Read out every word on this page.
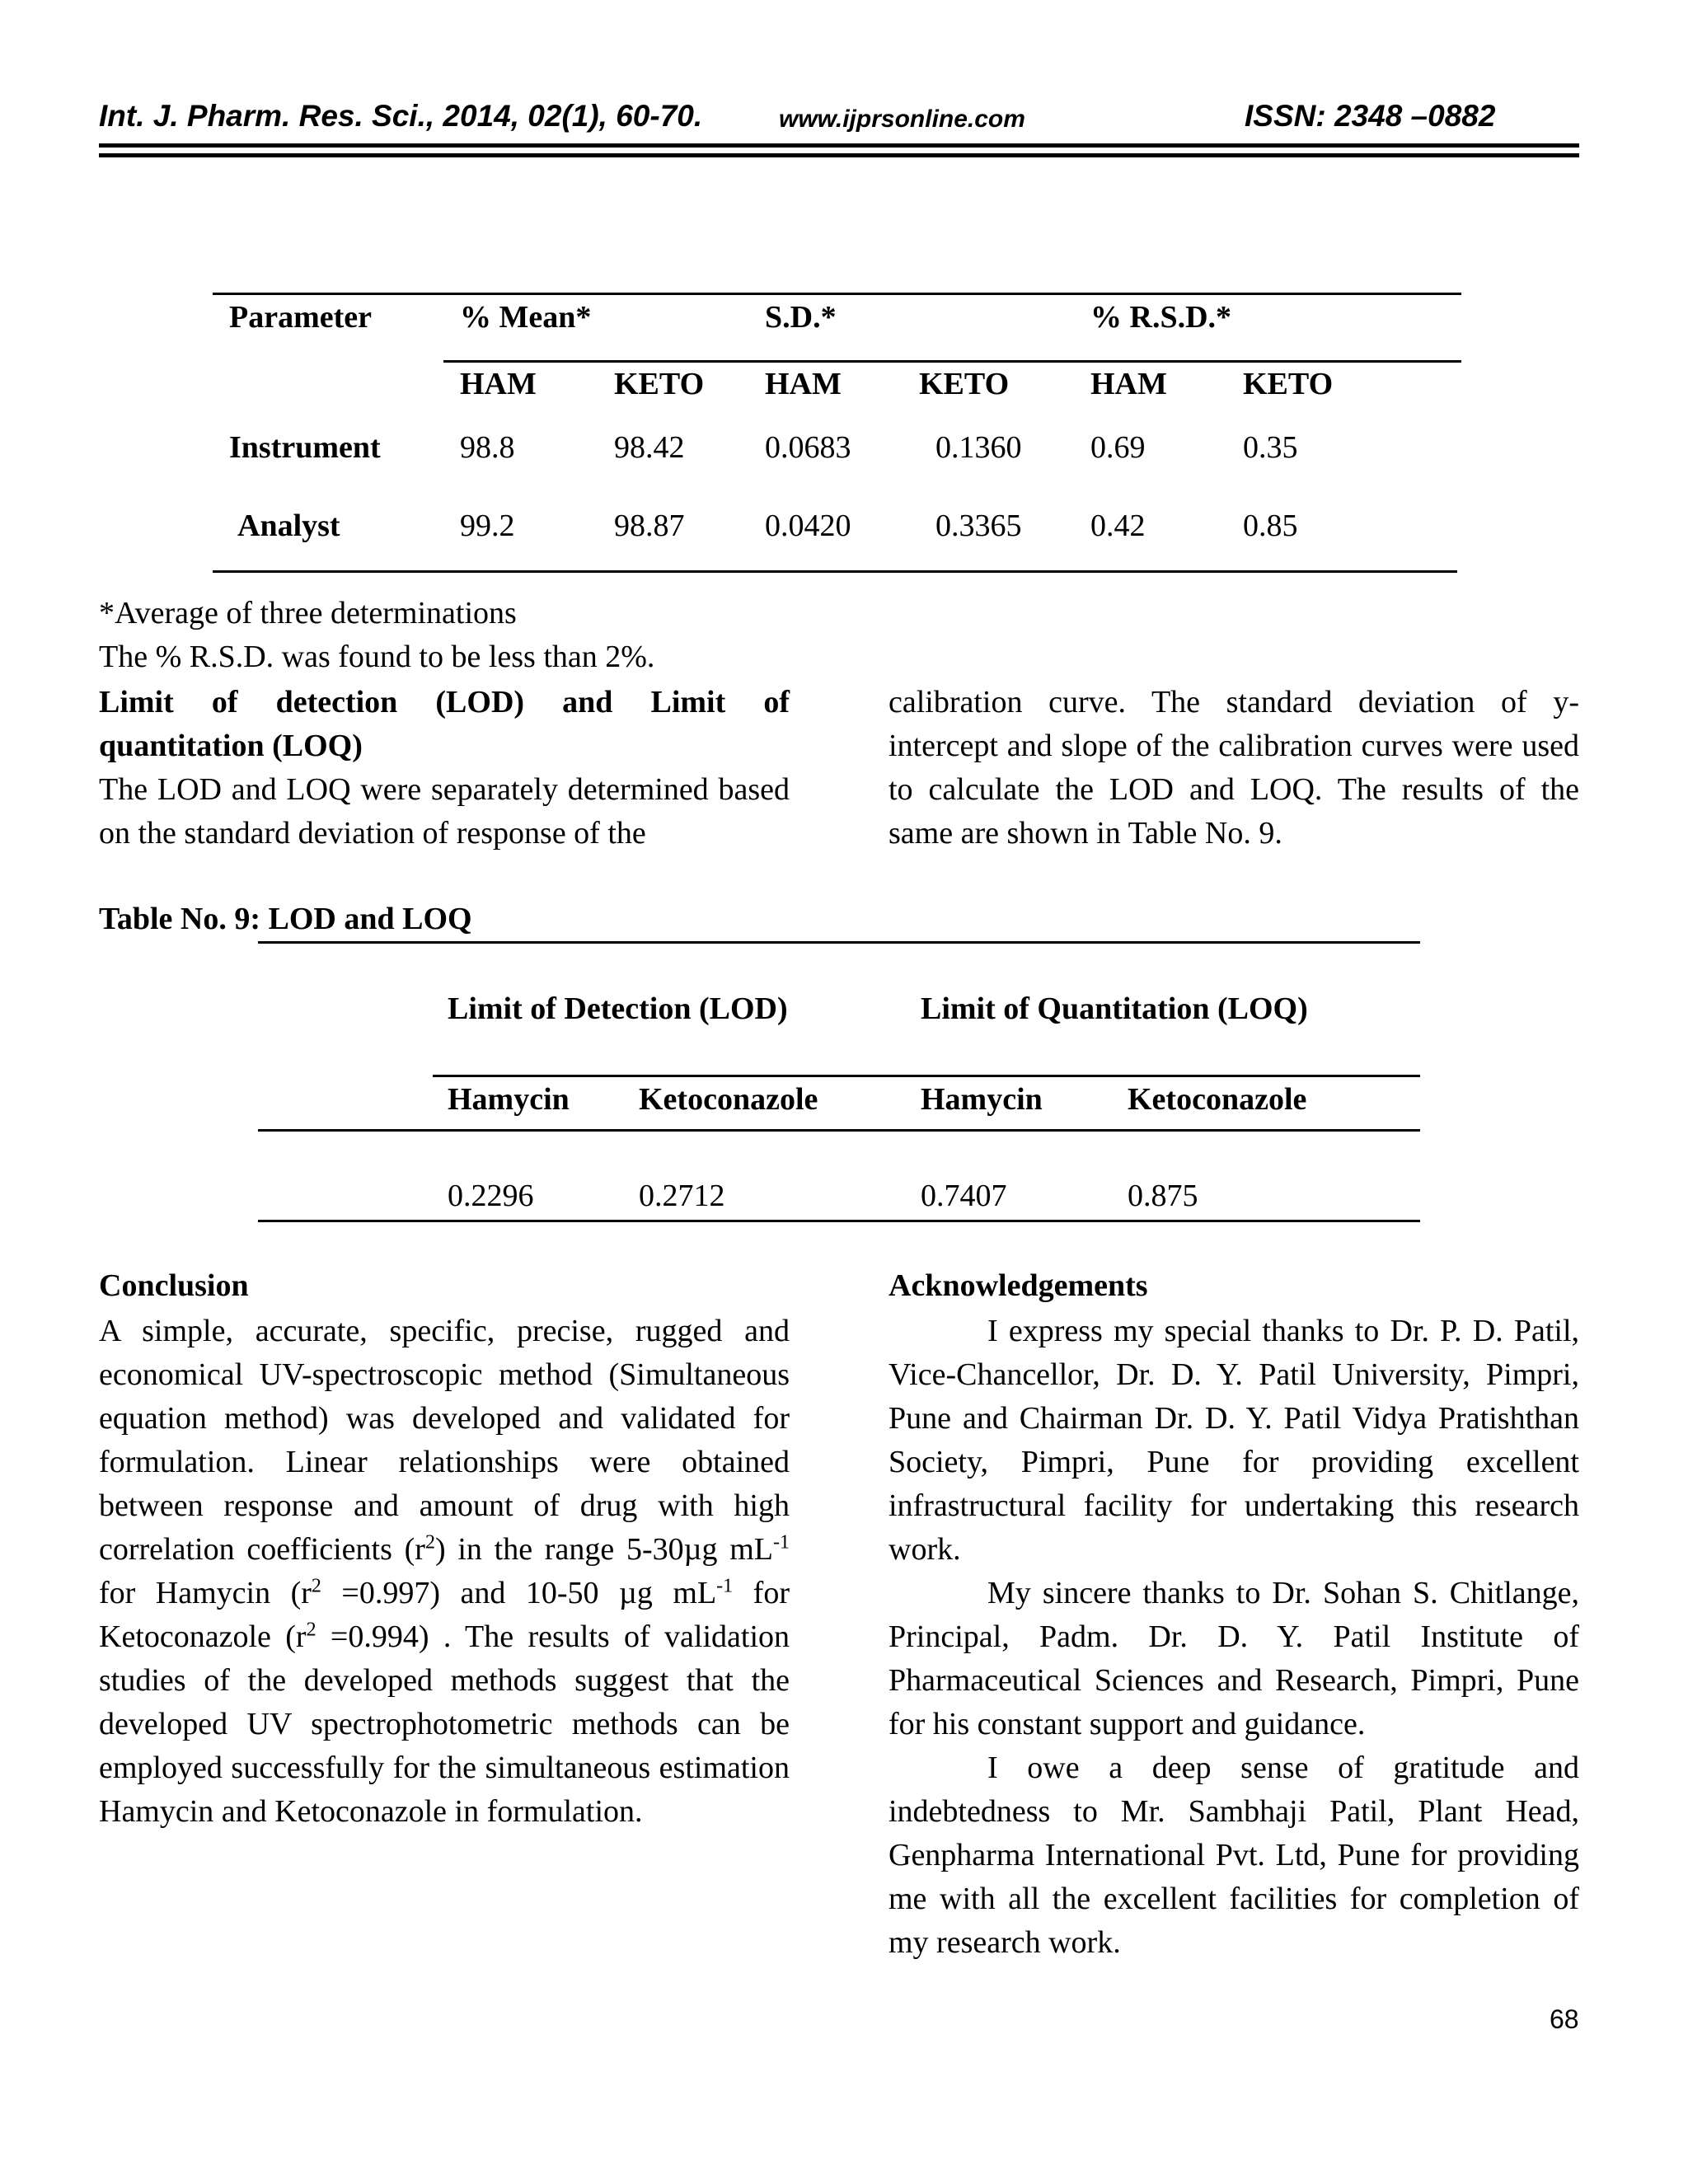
Int. J. Pharm. Res. Sci., 2014, 02(1), 60-70.	www.ijprsonline.com	ISSN: 2348 –0882
Parameter	% Mean*	S.D.*	% R.S.D.*
HAM KETO HAM KETO	HAM KETO
Instrument	98.8	98.42	0.0683	0.1360 0.69	0.35
Analyst	99.2	98.87	0.0420	0.3365 0.42	0.85
*Average of three determinations
The % R.S.D. was found to be less than 2%.
Limit of detection (LOD) and Limit of
quantitation (LOQ)
The LOD and LOQ were separately determined based on the standard deviation of response of the
calibration curve. The standard deviation of y-intercept and slope of the calibration curves were used to calculate the LOD and LOQ. The results of the same are shown in Table No. 9.
Table No. 9: LOD and LOQ
Limit of Detection (LOD)	Limit of Quantitation (LOQ)
Hamycin Ketoconazole	Hamycin	Ketoconazole
0.2296	0.2712	0.7407	0.875
Conclusion
A simple, accurate, specific, precise, rugged and economical UV-spectroscopic method (Simultaneous equation method) was developed and validated for formulation. Linear relationships were obtained between response and amount of drug with high correlation coefficients $(r^2)$ in the range 5-30µg $mL^{-1}$ for Hamycin $(r^2 =0.997)$ and 10-50 µg $mL^{-1}$ for Ketoconazole $(r^2 =0.994)$ . The results of validation studies of the developed methods suggest that the developed UV spectrophotometric methods can be employed successfully for the simultaneous estimation Hamycin and Ketoconazole in formulation.
Acknowledgements

I express my special thanks to Dr. P. D. Patil, Vice-Chancellor, Dr. D. Y. Patil University, Pimpri, Pune and Chairman Dr. D. Y. Patil Vidya Pratishthan Society, Pimpri, Pune for providing excellent infrastructural facility for undertaking this research work.

My sincere thanks to Dr. Sohan S. Chitlange, Principal, Padm. Dr. D. Y. Patil Institute of Pharmaceutical Sciences and Research, Pimpri, Pune for his constant support and guidance.

I owe a deep sense of gratitude and indebtedness to Mr. Sambhaji Patil, Plant Head, Genpharma International Pvt. Ltd, Pune for providing me with all the excellent facilities for completion of my research work.

68
